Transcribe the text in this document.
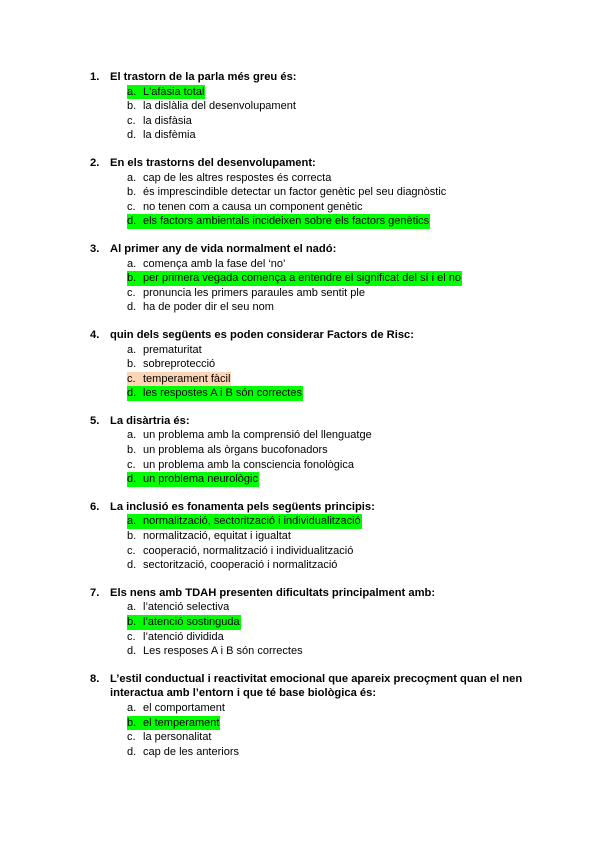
1. El trastorn de la parla més greu és:
a. L'afàsia total
b. la dislàlia del desenvolupament
c. la disfàsia
d. la disfèmia
2. En els trastorns del desenvolupament:
a. cap de les altres respostes és correcta
b. és imprescindible detectar un factor genètic pel seu diagnòstic
c. no tenen com a causa un component genètic
d. els factors ambientals incideixen sobre els factors genètics
3. Al primer any de vida normalment el nadó:
a. comença amb la fase del ‘no’
b. per primera vegada comença a entendre el significat del sí i el no
c. pronuncia les primers paraules amb sentit ple
d. ha de poder dir el seu nom
4. quin dels següents es poden considerar Factors de Risc:
a. prematuritat
b. sobreprotecció
c. temperament fàcil
d. les respostes A i B són correctes
5. La disàrtria és:
a. un problema amb la comprensió del llenguatge
b. un problema als òrgans bucofonadors
c. un problema amb la consciencia fonològica
d. un problema neurològic
6. La inclusió es fonamenta pels següents principis:
a. normalització, sectorització i individualització
b. normalització, equitat i igualtat
c. cooperació, normalització i individualització
d. sectorització, cooperació i normalització
7. Els nens amb TDAH presenten dificultats principalment amb:
a. l’atenció selectiva
b. l’atenció sostinguda
c. l’atenció dividida
d. Les resposes A i B són correctes
8. L’estil conductual i reactivitat emocional que apareix precoçment quan el nen interactua amb l’entorn i que té base biològica és:
a. el comportament
b. el temperament
c. la personalitat
d. cap de les anteriors
